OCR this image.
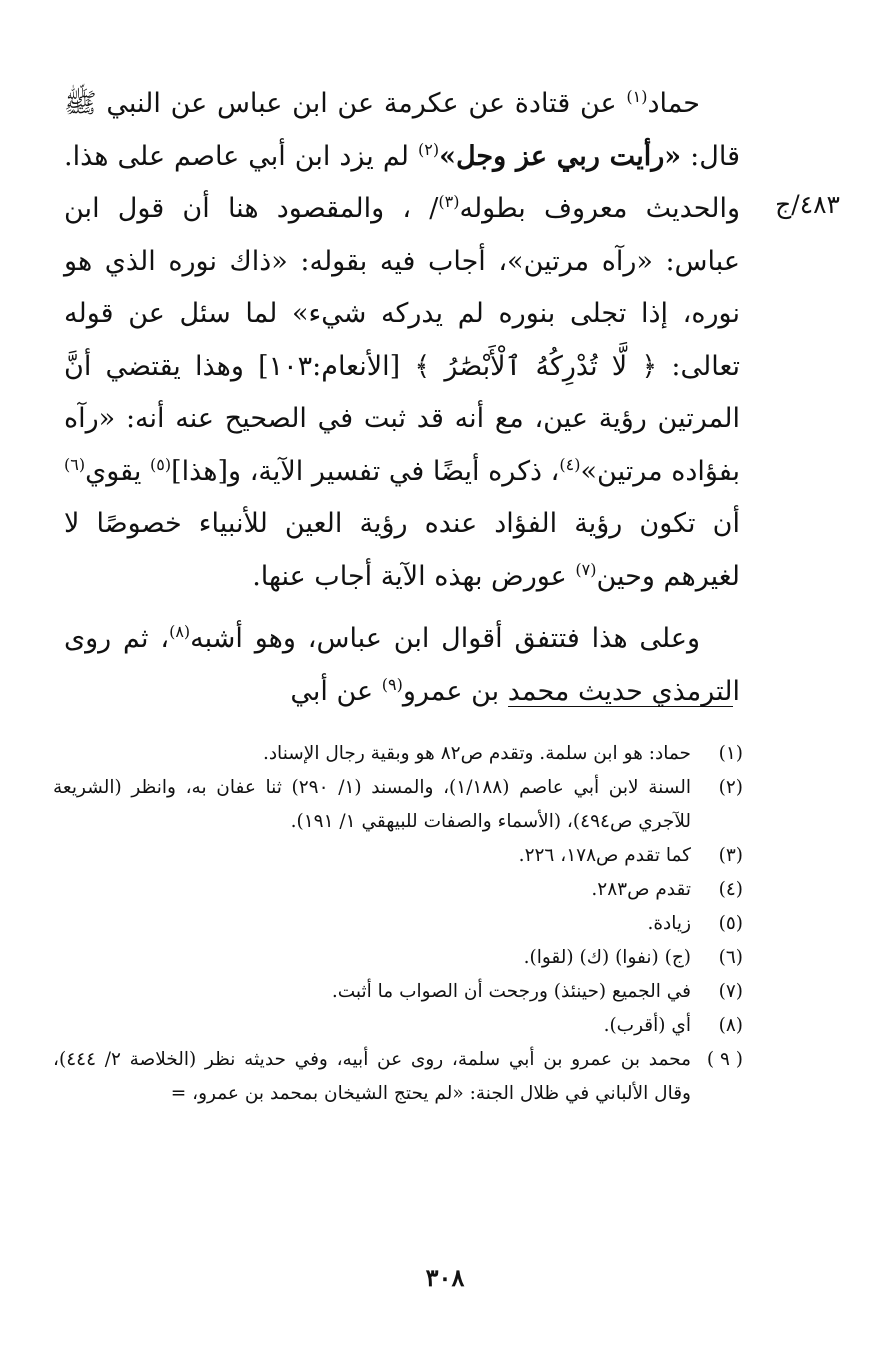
٤٨٣/ج

حماد$^{(١)}$ عن قتادة عن عكرمة عن ابن عباس عن النبي ﷺ قال: «رأيت ربي عز وجل»$^{(٢)}$ لم يزد ابن أبي عاصم على هذا. والحديث معروف بطوله$^{(٣)}$/ ، والمقصود هنا أن قول ابن عباس: «رآه مرتين»، أجاب فيه بقوله: «ذاك نوره الذي هو نوره، إذا تجلى بنوره لم يدركه شيء» لما سئل عن قوله تعالى: ﴿ لَّا تُدْرِكُهُ ٱلْأَبْصَٰرُ ﴾ [الأنعام:١٠٣] وهذا يقتضي أنَّ المرتين رؤية عين، مع أنه قد ثبت في الصحيح عنه أنه: «رآه بفؤاده مرتين»$^{(٤)}$، ذكره أيضًا في تفسير الآية، و[هذا]$^{(٥)}$ يقوي$^{(٦)}$ أن تكون رؤية الفؤاد عنده رؤية العين للأنبياء خصوصًا لا لغيرهم وحين$^{(٧)}$ عورض بهذه الآية أجاب عنها.

وعلى هذا فتتفق أقوال ابن عباس، وهو أشبه$^{(٨)}$، ثم روى الترمذي حديث محمد بن عمرو$^{(٩)}$ عن أبي

(١)
حماد: هو ابن سلمة. وتقدم ص٨٢ هو وبقية رجال الإسناد.
(٢)
السنة لابن أبي عاصم (١/١٨٨)، والمسند (١/ ٢٩٠) ثنا عفان به، وانظر (الشريعة للآجري ص٤٩٤)، (الأسماء والصفات للبيهقي ١/ ١٩١).
(٣)
كما تقدم ص١٧٨، ٢٢٦.
(٤)
تقدم ص٢٨٣.
(٥)
زيادة.
(٦)
(ج) (نفوا) (ك) (لقوا).
(٧)
في الجميع (حينئذ) ورجحت أن الصواب ما أثبت.
(٨)
أي (أقرب).
( ٩ )
محمد بن عمرو بن أبي سلمة، روى عن أبيه، وفي حديثه نظر (الخلاصة ٢/ ٤٤٤)، وقال الألباني في ظلال الجنة: «لم يحتج الشيخان بمحمد بن عمرو، =
٣٠٨
